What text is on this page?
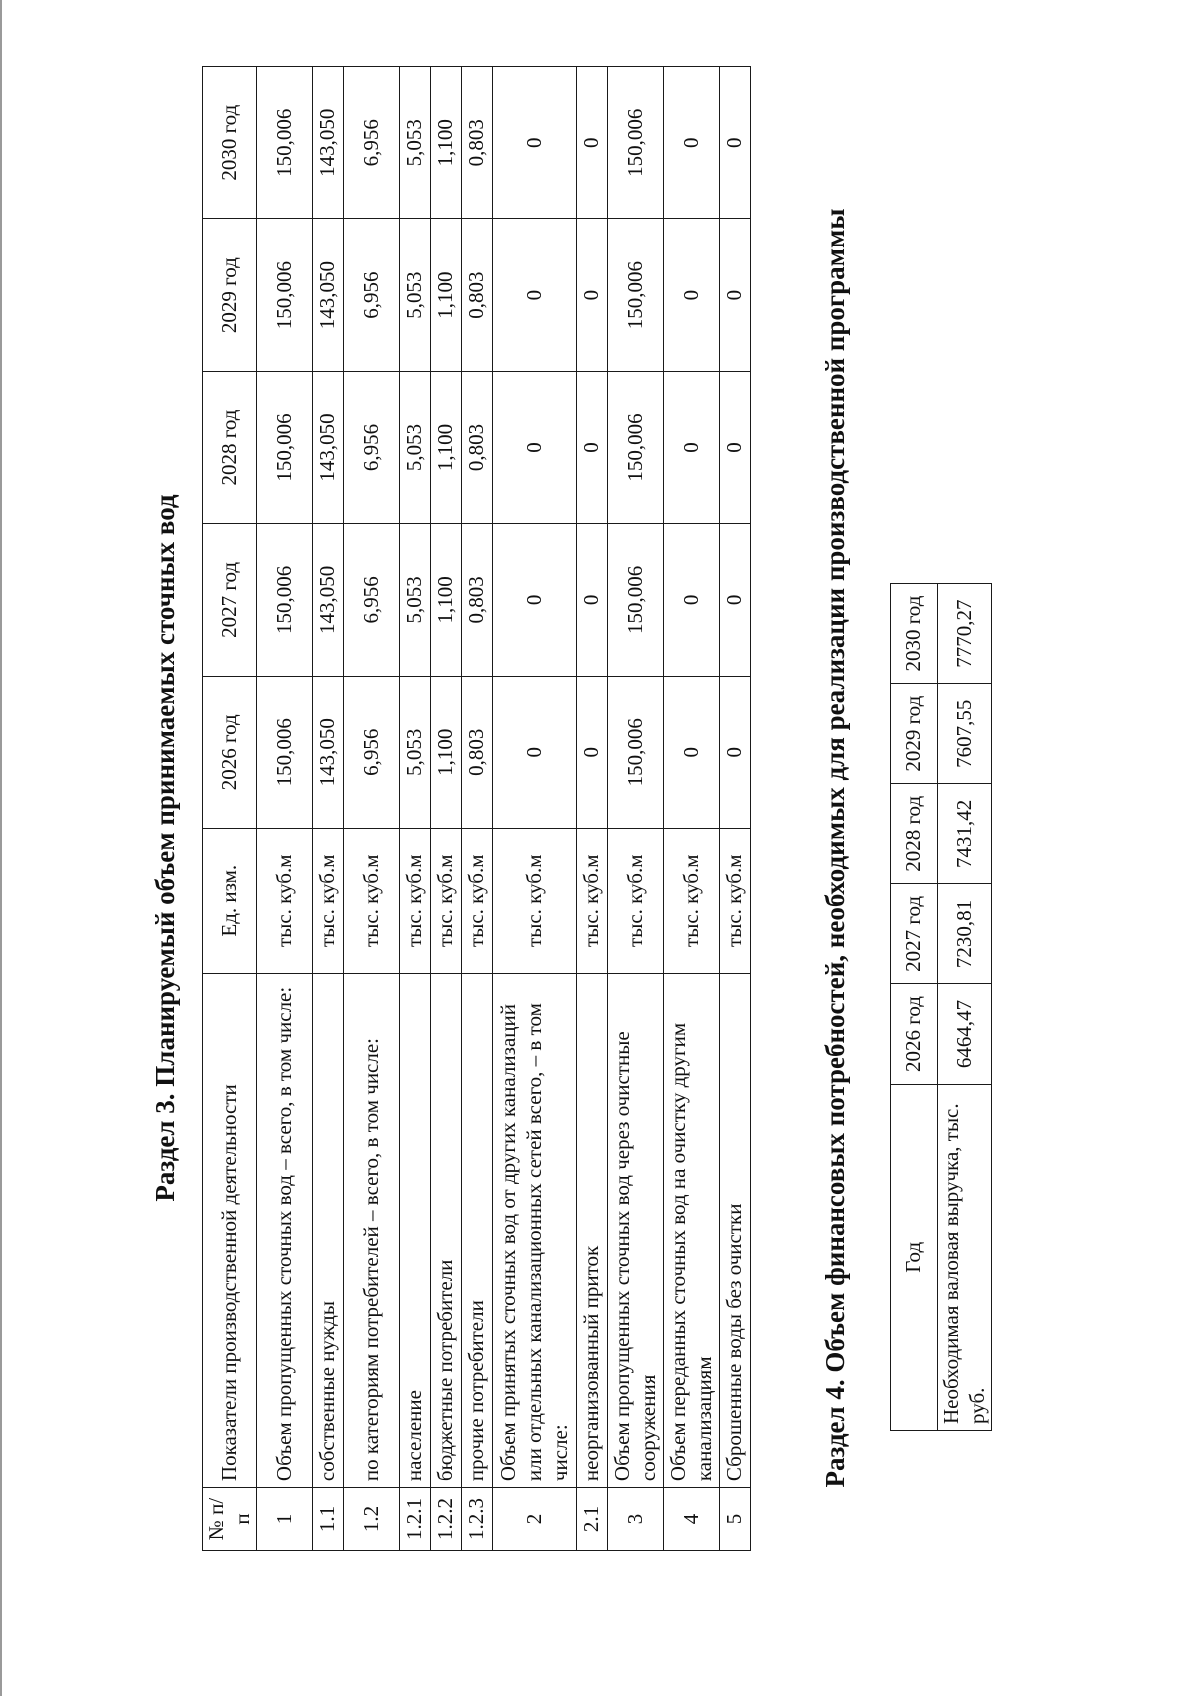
Раздел 3. Планируемый объем принимаемых сточных вод
№ п/п	Показатели производственной деятельности	Ед. изм.	2026 год	2027 год	2028 год	2029 год	2030 год
1	Объем пропущенных сточных вод – всего, в том числе:	тыс. куб.м	150,006	150,006	150,006	150,006	150,006
1.1	собственные нужды	тыс. куб.м	143,050	143,050	143,050	143,050	143,050
1.2	по категориям потребителей – всего, в том числе:	тыс. куб.м	6,956	6,956	6,956	6,956	6,956
1.2.1	население	тыс. куб.м	5,053	5,053	5,053	5,053	5,053
1.2.2	бюджетные потребители	тыс. куб.м	1,100	1,100	1,100	1,100	1,100
1.2.3	прочие потребители	тыс. куб.м	0,803	0,803	0,803	0,803	0,803
2	Объем принятых сточных вод от других канализаций или отдельных канализационных сетей всего, – в том числе:	тыс. куб.м	0	0	0	0	0
2.1	неорганизованный приток	тыс. куб.м	0	0	0	0	0
3	Объем пропущенных сточных вод через очистные сооружения	тыс. куб.м	150,006	150,006	150,006	150,006	150,006
4	Объем переданных сточных вод на очистку другим канализациям	тыс. куб.м	0	0	0	0	0
5	Сброшенные воды без очистки	тыс. куб.м	0	0	0	0	0
Раздел 4. Объем финансовых потребностей, необходимых для реализации производственной программы Год	2026 год	2027 год	2028 год	2029 год	2030 год
Необходимая валовая выручка, тыс. руб.	6464,47	7230,81	7431,42	7607,55	7770,27
